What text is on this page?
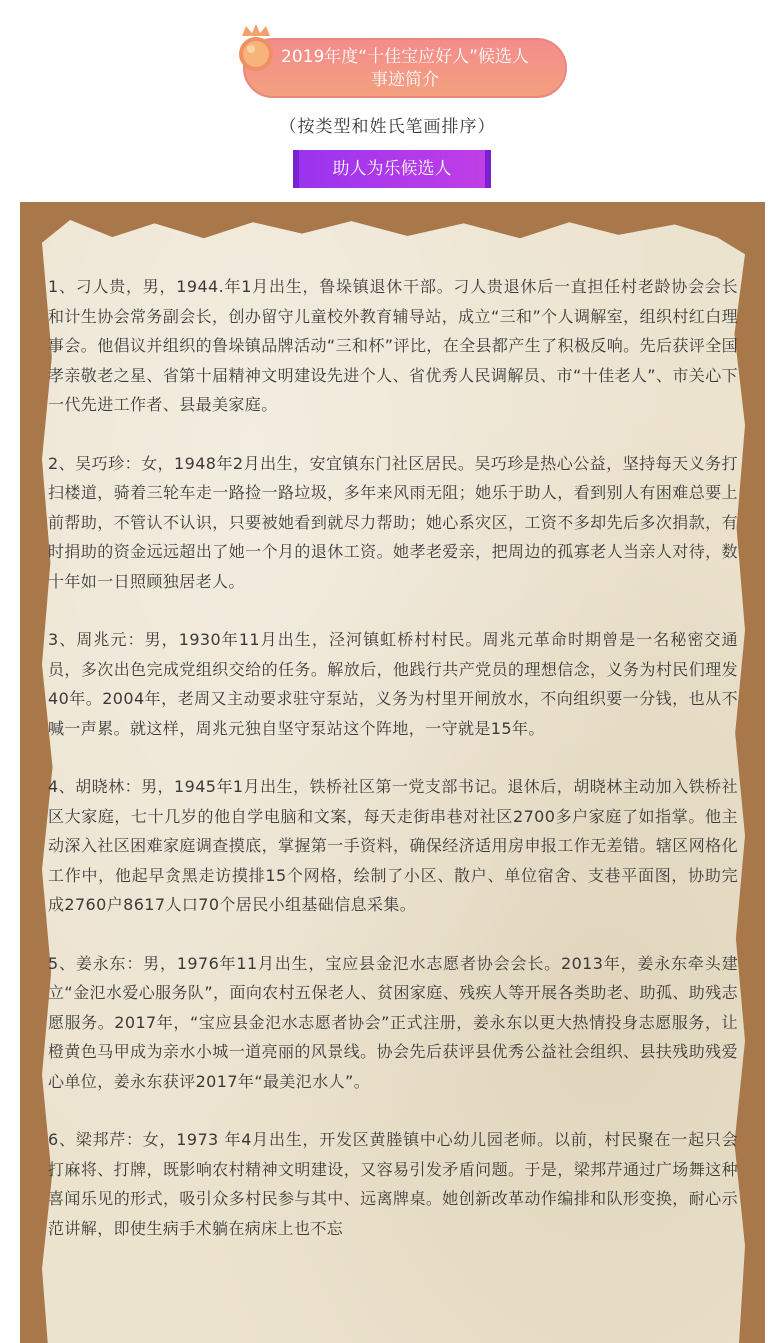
2019年度“十佳宝应好人”候选人
事迹简介
（按类型和姓氏笔画排序）
助人为乐候选人

1、刁人贵，男，1944.年1月出生，鲁垛镇退休干部。刁人贵退休后一直担任村老龄协会会长和计生协会常务副会长，创办留守儿童校外教育辅导站，成立“三和”个人调解室，组织村红白理事会。他倡议并组织的鲁垛镇品牌活动“三和杯”评比，在全县都产生了积极反响。先后获评全国孝亲敬老之星、省第十届精神文明建设先进个人、省优秀人民调解员、市“十佳老人”、市关心下一代先进工作者、县最美家庭。

2、吴巧珍：女，1948年2月出生，安宜镇东门社区居民。吴巧珍是热心公益，坚持每天义务打扫楼道，骑着三轮车走一路捡一路垃圾，多年来风雨无阻；她乐于助人，看到别人有困难总要上前帮助，不管认不认识，只要被她看到就尽力帮助；她心系灾区，工资不多却先后多次捐款，有时捐助的资金远远超出了她一个月的退休工资。她孝老爱亲，把周边的孤寡老人当亲人对待，数十年如一日照顾独居老人。

3、周兆元：男，1930年11月出生，泾河镇虹桥村村民。周兆元革命时期曾是一名秘密交通员，多次出色完成党组织交给的任务。解放后，他践行共产党员的理想信念，义务为村民们理发40年。2004年，老周又主动要求驻守泵站，义务为村里开闸放水，不向组织要一分钱，也从不喊一声累。就这样，周兆元独自坚守泵站这个阵地，一守就是15年。

4、胡晓林：男，1945年1月出生，铁桥社区第一党支部书记。退休后，胡晓林主动加入铁桥社区大家庭，七十几岁的他自学电脑和文案，每天走街串巷对社区2700多户家庭了如指掌。他主动深入社区困难家庭调查摸底，掌握第一手资料，确保经济适用房申报工作无差错。辖区网格化工作中，他起早贪黑走访摸排15个网格，绘制了小区、散户、单位宿舍、支巷平面图，协助完成2760户8617人口70个居民小组基础信息采集。

5、姜永东：男，1976年11月出生，宝应县金氾水志愿者协会会长。2013年，姜永东牵头建立“金氾水爱心服务队”，面向农村五保老人、贫困家庭、残疾人等开展各类助老、助孤、助残志愿服务。2017年，“宝应县金氾水志愿者协会”正式注册，姜永东以更大热情投身志愿服务，让橙黄色马甲成为亲水小城一道亮丽的风景线。协会先后获评县优秀公益社会组织、县扶残助残爱心单位，姜永东获评2017年“最美氾水人”。

6、梁邦芹：女，1973 年4月出生，开发区黄塍镇中心幼儿园老师。以前，村民聚在一起只会打麻将、打牌，既影响农村精神文明建设，又容易引发矛盾问题。于是，梁邦芹通过广场舞这种喜闻乐见的形式，吸引众多村民参与其中、远离牌桌。她创新改革动作编排和队形变换，耐心示范讲解，即使生病手术躺在病床上也不忘
